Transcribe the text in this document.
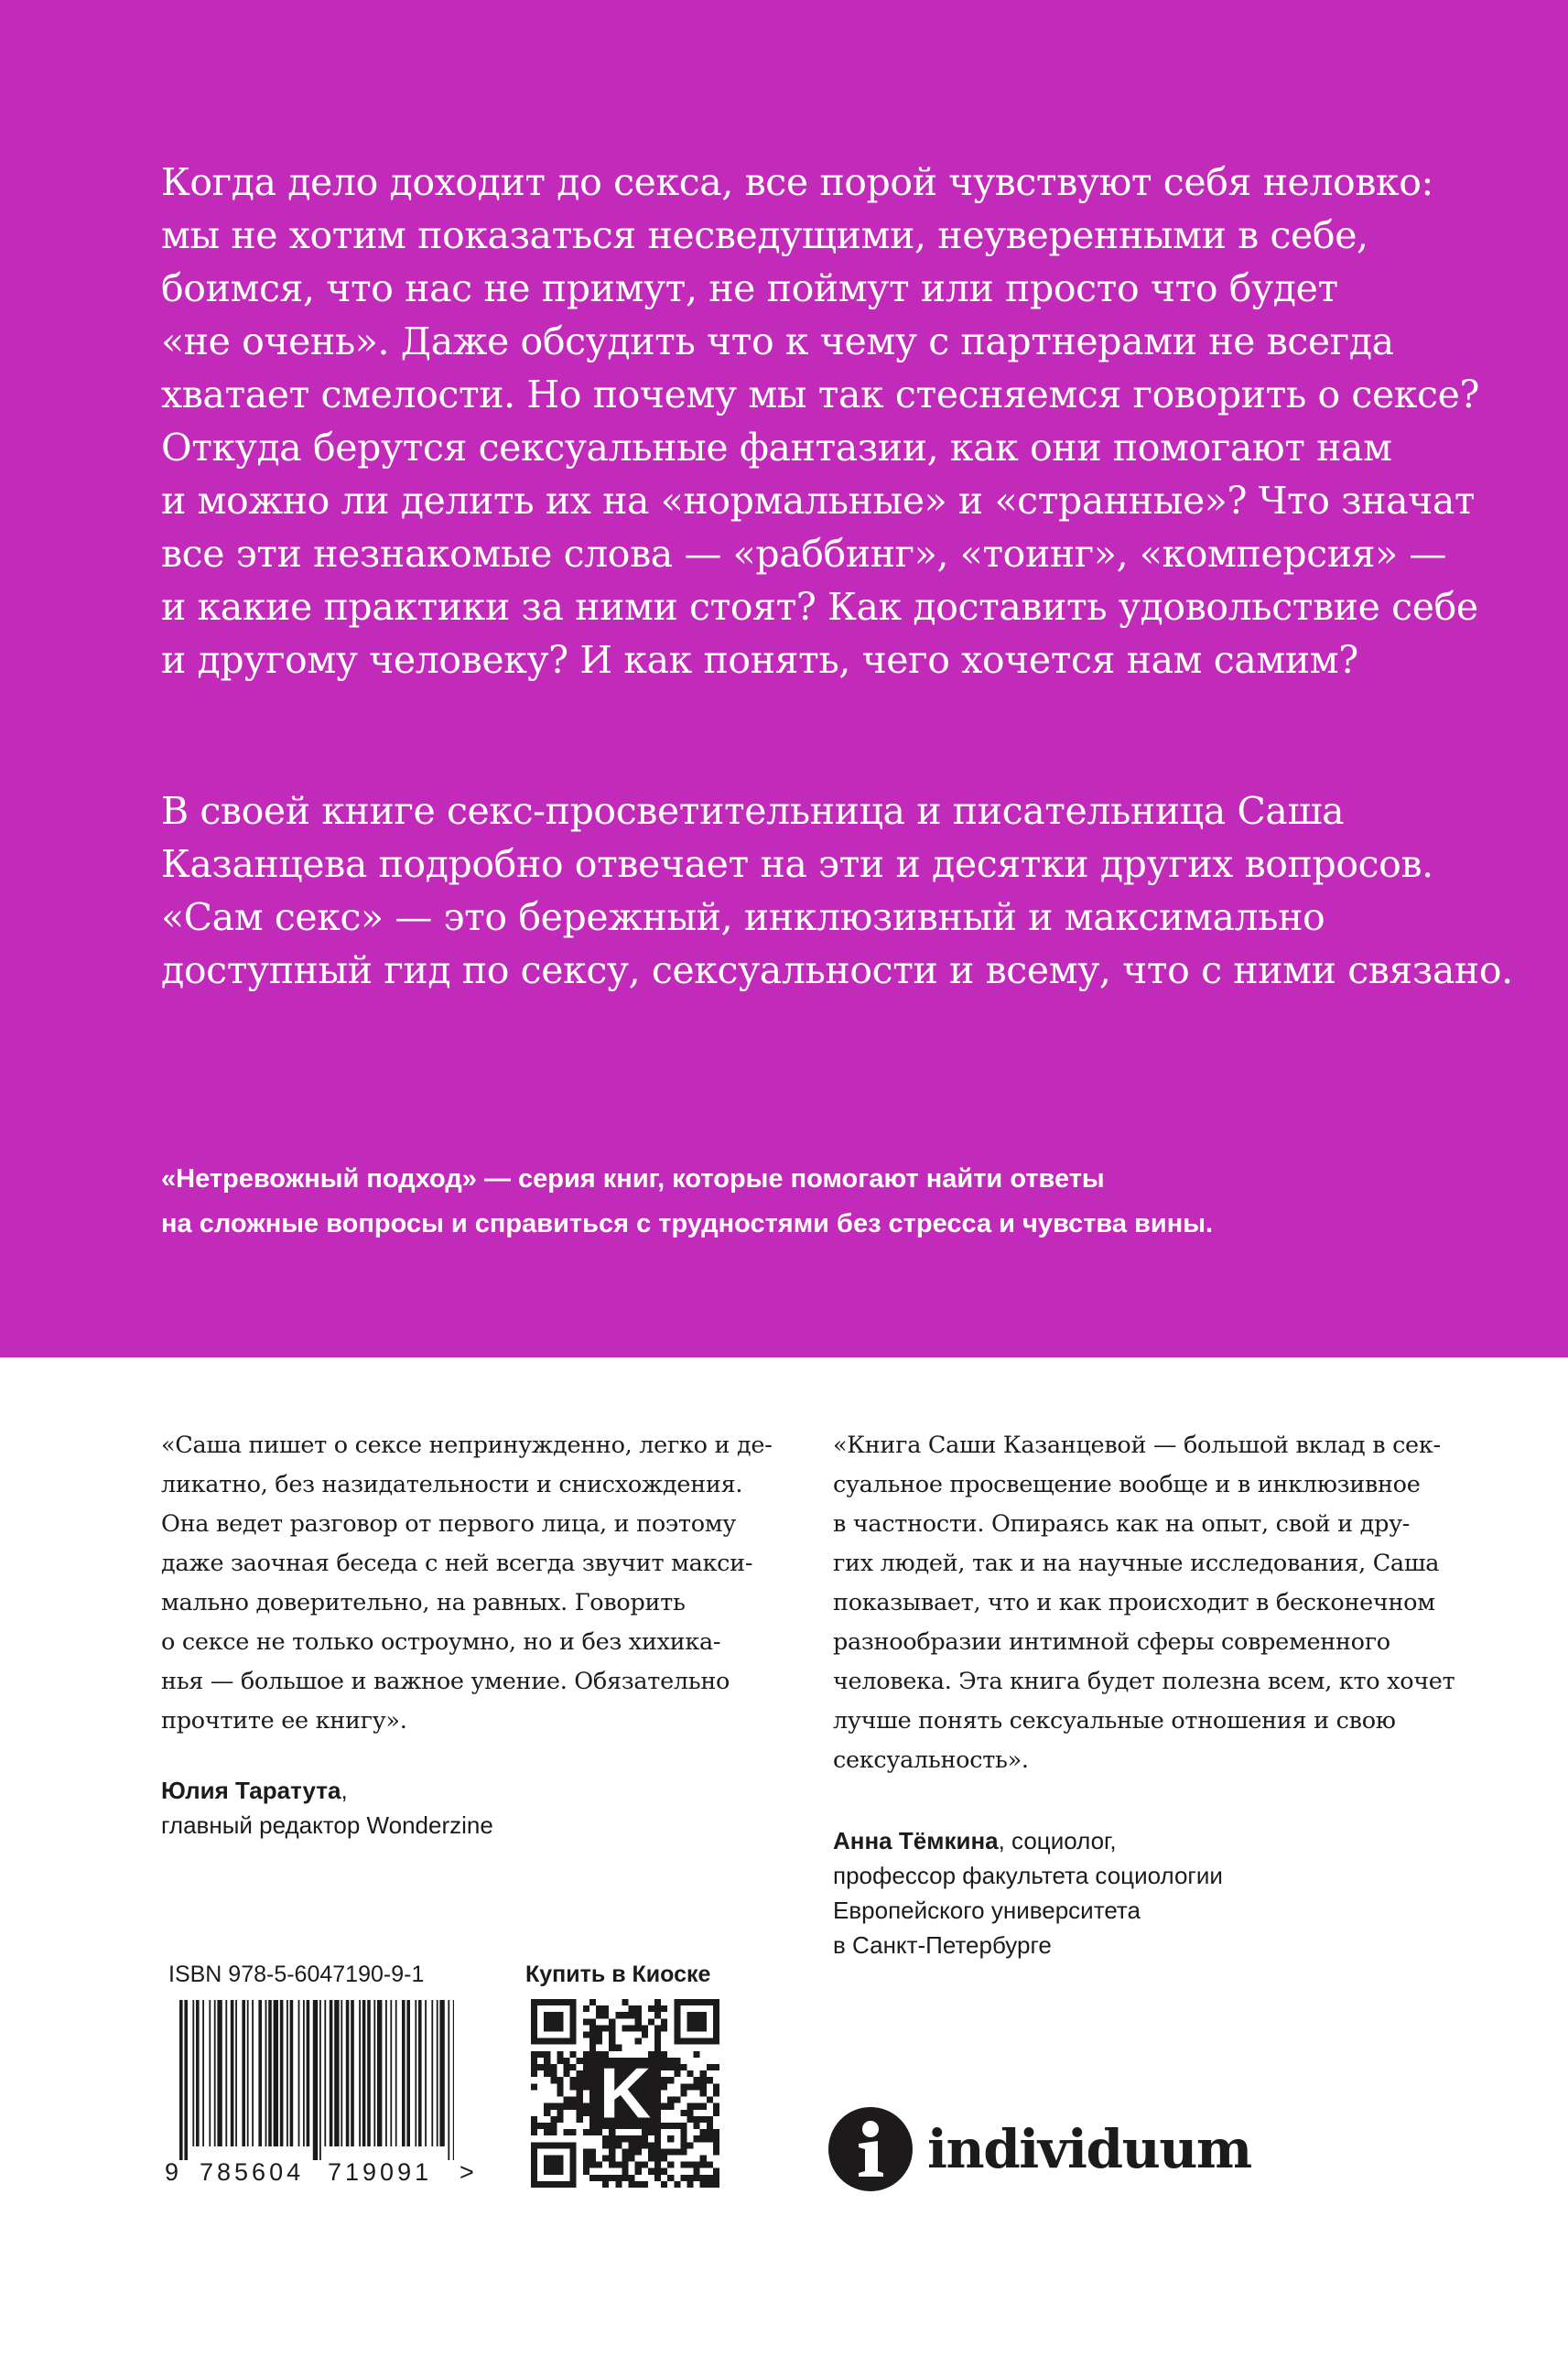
Когда дело доходит до секса, все порой чувствуют себя неловко:
мы не хотим показаться несведущими, неуверенными в себе,
боимся, что нас не примут, не поймут или просто что будет
«не очень». Даже обсудить что к чему с партнерами не всегда
хватает смелости. Но почему мы так стесняемся говорить о сексе?
Откуда берутся сексуальные фантазии, как они помогают нам
и можно ли делить их на «нормальные» и «странные»? Что значат
все эти незнакомые слова — «раббинг», «тоинг», «комперсия» —
и какие практики за ними стоят? Как доставить удовольствие себе
и другому человеку? И как понять, чего хочется нам самим?
В своей книге секс-просветительница и писательница Саша
Казанцева подробно отвечает на эти и десятки других вопросов.
«Сам секс» — это бережный, инклюзивный и максимально
доступный гид по сексу, сексуальности и всему, что с ними связано.
«Нетревожный подход» — серия книг, которые помогают найти ответы
на сложные вопросы и справиться с трудностями без стресса и чувства вины.
«Саша пишет о сексе непринужденно, легко и де-
ликатно, без назидательности и снисхождения.
Она ведет разговор от первого лица, и поэтому
даже заочная беседа с ней всегда звучит макси-
мально доверительно, на равных. Говорить
о сексе не только остроумно, но и без хихика-
нья — большое и важное умение. Обязательно
прочтите ее книгу».
Юлия Таратута,
главный редактор Wonderzine
«Книга Саши Казанцевой — большой вклад в сек-
суальное просвещение вообще и в инклюзивное
в частности. Опираясь как на опыт, свой и дру-
гих людей, так и на научные исследования, Саша
показывает, что и как происходит в бесконечном
разнообразии интимной сферы современного
человека. Эта книга будет полезна всем, кто хочет
лучше понять сексуальные отношения и свою
сексуальность».
Анна Тёмкина, социолог,
профессор факультета социологии
Европейского университета
в Санкт-Петербурге
ISBN 978-5-6047190-9-1
9 785604 719091 >
Купить в Киоске
K
individuum
